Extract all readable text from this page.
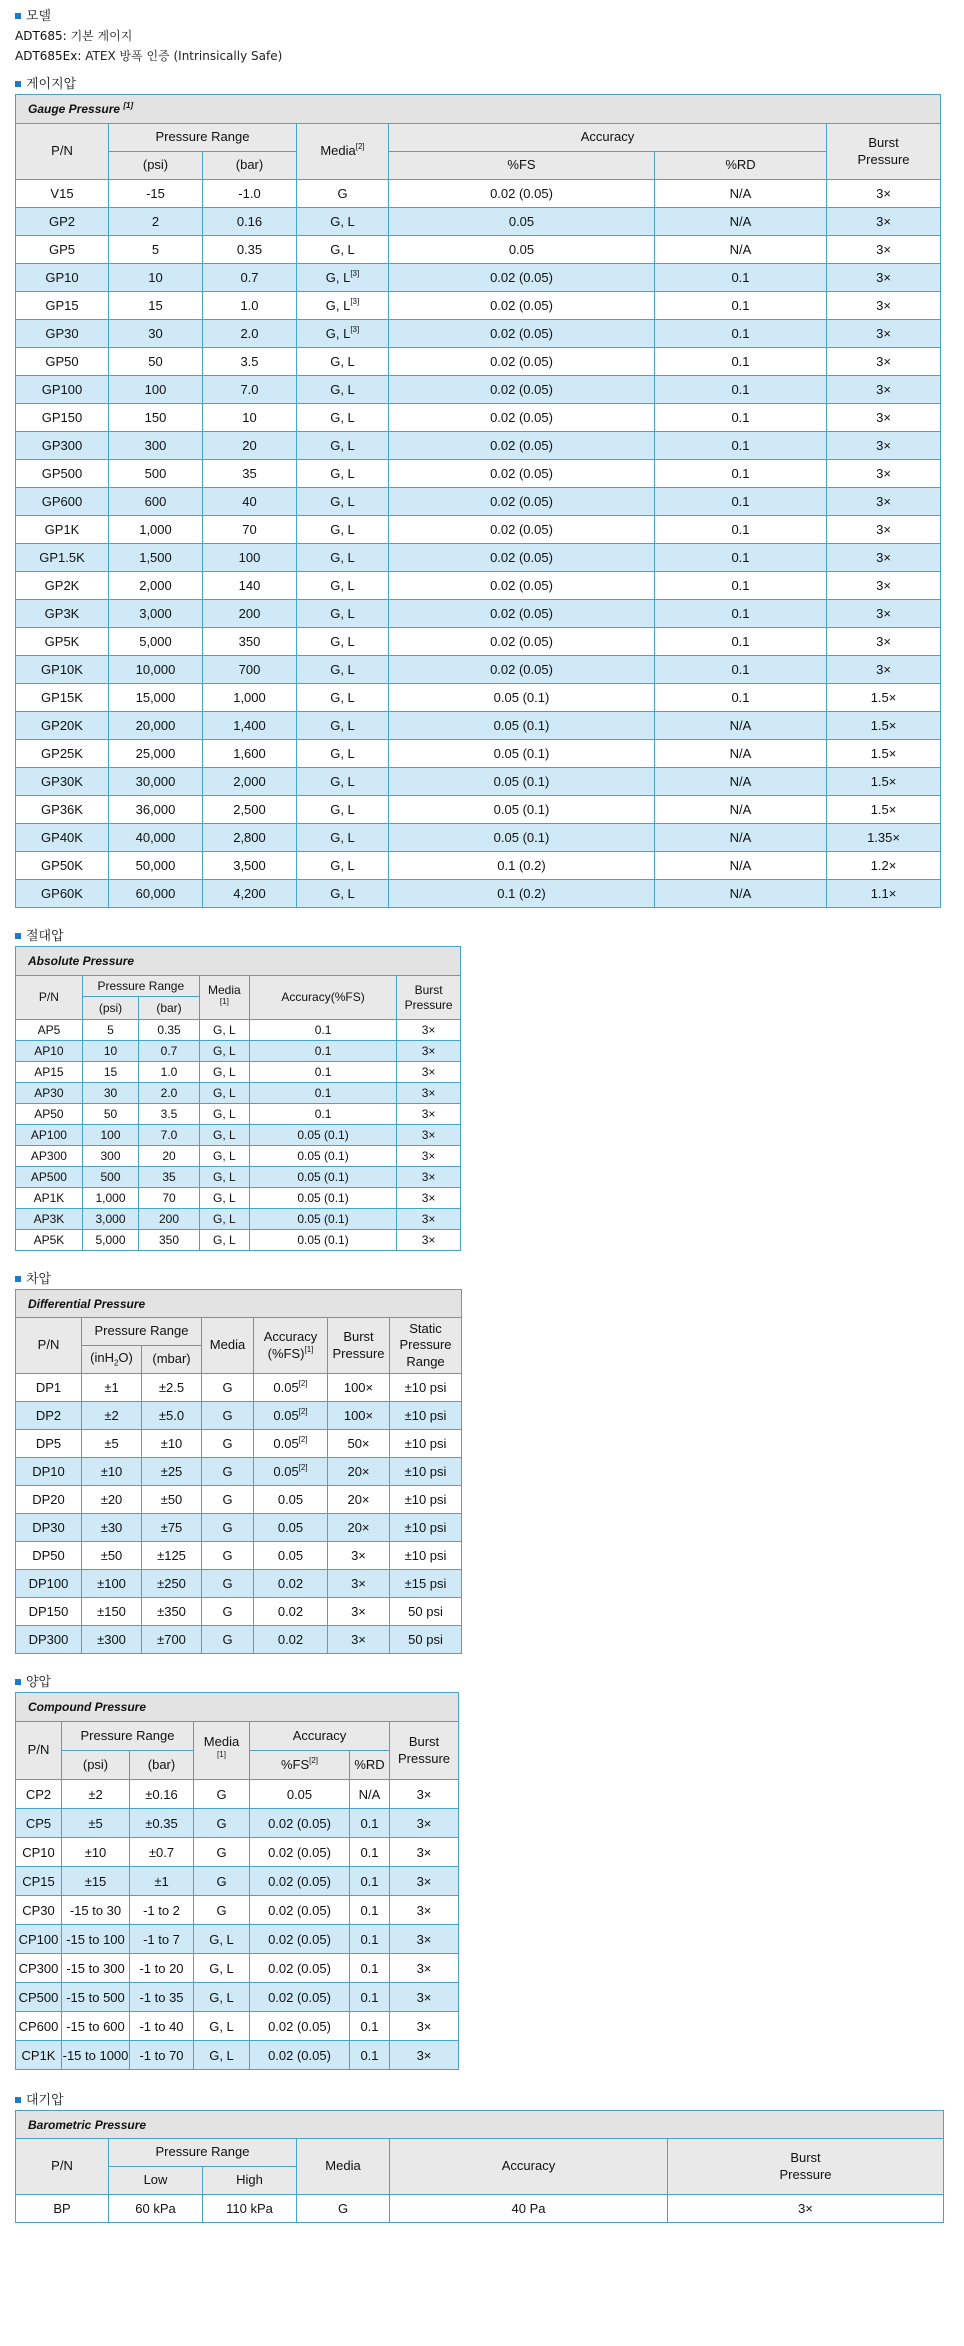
모델
ADT685: 기본 게이지
ADT685Ex: ATEX 방폭 인증 (Intrinsically Safe)
게이지압
Gauge Pressure [1]
P/N	Pressure Range		Media[2]	Accuracy		Burst
Pressure
	(psi)	(bar)		%FS	%RD	
V15	-15	-1.0	G	0.02 (0.05)	N/A	3×
GP2	2	0.16	G, L	0.05	N/A	3×
GP5	5	0.35	G, L	0.05	N/A	3×
GP10	10	0.7	G, L[3]	0.02 (0.05)	0.1	3×
GP15	15	1.0	G, L[3]	0.02 (0.05)	0.1	3×
GP30	30	2.0	G, L[3]	0.02 (0.05)	0.1	3×
GP50	50	3.5	G, L	0.02 (0.05)	0.1	3×
GP100	100	7.0	G, L	0.02 (0.05)	0.1	3×
GP150	150	10	G, L	0.02 (0.05)	0.1	3×
GP300	300	20	G, L	0.02 (0.05)	0.1	3×
GP500	500	35	G, L	0.02 (0.05)	0.1	3×
GP600	600	40	G, L	0.02 (0.05)	0.1	3×
GP1K	1,000	70	G, L	0.02 (0.05)	0.1	3×
GP1.5K	1,500	100	G, L	0.02 (0.05)	0.1	3×
GP2K	2,000	140	G, L	0.02 (0.05)	0.1	3×
GP3K	3,000	200	G, L	0.02 (0.05)	0.1	3×
GP5K	5,000	350	G, L	0.02 (0.05)	0.1	3×
GP10K	10,000	700	G, L	0.02 (0.05)	0.1	3×
GP15K	15,000	1,000	G, L	0.05 (0.1)	0.1	1.5×
GP20K	20,000	1,400	G, L	0.05 (0.1)	N/A	1.5×
GP25K	25,000	1,600	G, L	0.05 (0.1)	N/A	1.5×
GP30K	30,000	2,000	G, L	0.05 (0.1)	N/A	1.5×
GP36K	36,000	2,500	G, L	0.05 (0.1)	N/A	1.5×
GP40K	40,000	2,800	G, L	0.05 (0.1)	N/A	1.35×
GP50K	50,000	3,500	G, L	0.1 (0.2)	N/A	1.2×
GP60K	60,000	4,200	G, L	0.1 (0.2)	N/A	1.1×
절대압
Absolute Pressure					
P/N	Pressure Range		Media
[1]	Accuracy(%FS)	Burst
Pressure
	(psi)	(bar)			
AP5	5	0.35	G, L	0.1	3×
AP10	10	0.7	G, L	0.1	3×
AP15	15	1.0	G, L	0.1	3×
AP30	30	2.0	G, L	0.1	3×
AP50	50	3.5	G, L	0.1	3×
AP100	100	7.0	G, L	0.05 (0.1)	3×
AP300	300	20	G, L	0.05 (0.1)	3×
AP500	500	35	G, L	0.05 (0.1)	3×
AP1K	1,000	70	G, L	0.05 (0.1)	3×
AP3K	3,000	200	G, L	0.05 (0.1)	3×
AP5K	5,000	350	G, L	0.05 (0.1)	3×
차압
Differential Pressure						
P/N	Pressure Range		Media	Accuracy
(%FS)[1]	Burst
Pressure	Static
Pressure
Range
	(inH$_2$O)	(mbar)				
DP1	±1	±2.5	G	0.05[2]	100×	±10 psi
DP2	±2	±5.0	G	0.05[2]	100×	±10 psi
DP5	±5	±10	G	0.05[2]	50×	±10 psi
DP10	±10	±25	G	0.05[2]	20×	±10 psi
DP20	±20	±50	G	0.05	20×	±10 psi
DP30	±30	±75	G	0.05	20×	±10 psi
DP50	±50	±125	G	0.05	3×	±10 psi
DP100	±100	±250	G	0.02	3×	±15 psi
DP150	±150	±350	G	0.02	3×	50 psi
DP300	±300	±700	G	0.02	3×	50 psi
양압
Compound Pressure						
P/N	Pressure Range		Media
[1]	Accuracy		Burst
Pressure
	(psi)	(bar)		%FS[2]	%RD	
CP2	±2	±0.16	G	0.05	N/A	3×
CP5	±5	±0.35	G	0.02 (0.05)	0.1	3×
CP10	±10	±0.7	G	0.02 (0.05)	0.1	3×
CP15	±15	±1	G	0.02 (0.05)	0.1	3×
CP30	-15 to 30	-1 to 2	G	0.02 (0.05)	0.1	3×
CP100	-15 to 100	-1 to 7	G, L	0.02 (0.05)	0.1	3×
CP300	-15 to 300	-1 to 20	G, L	0.02 (0.05)	0.1	3×
CP500	-15 to 500	-1 to 35	G, L	0.02 (0.05)	0.1	3×
CP600	-15 to 600	-1 to 40	G, L	0.02 (0.05)	0.1	3×
CP1K	-15 to 1000	-1 to 70	G, L	0.02 (0.05)	0.1	3×
대기압
Barometric Pressure					
P/N	Pressure Range		Media	Accuracy	Burst
Pressure
	Low	High			
BP	60 kPa	110 kPa	G	40 Pa	3×
